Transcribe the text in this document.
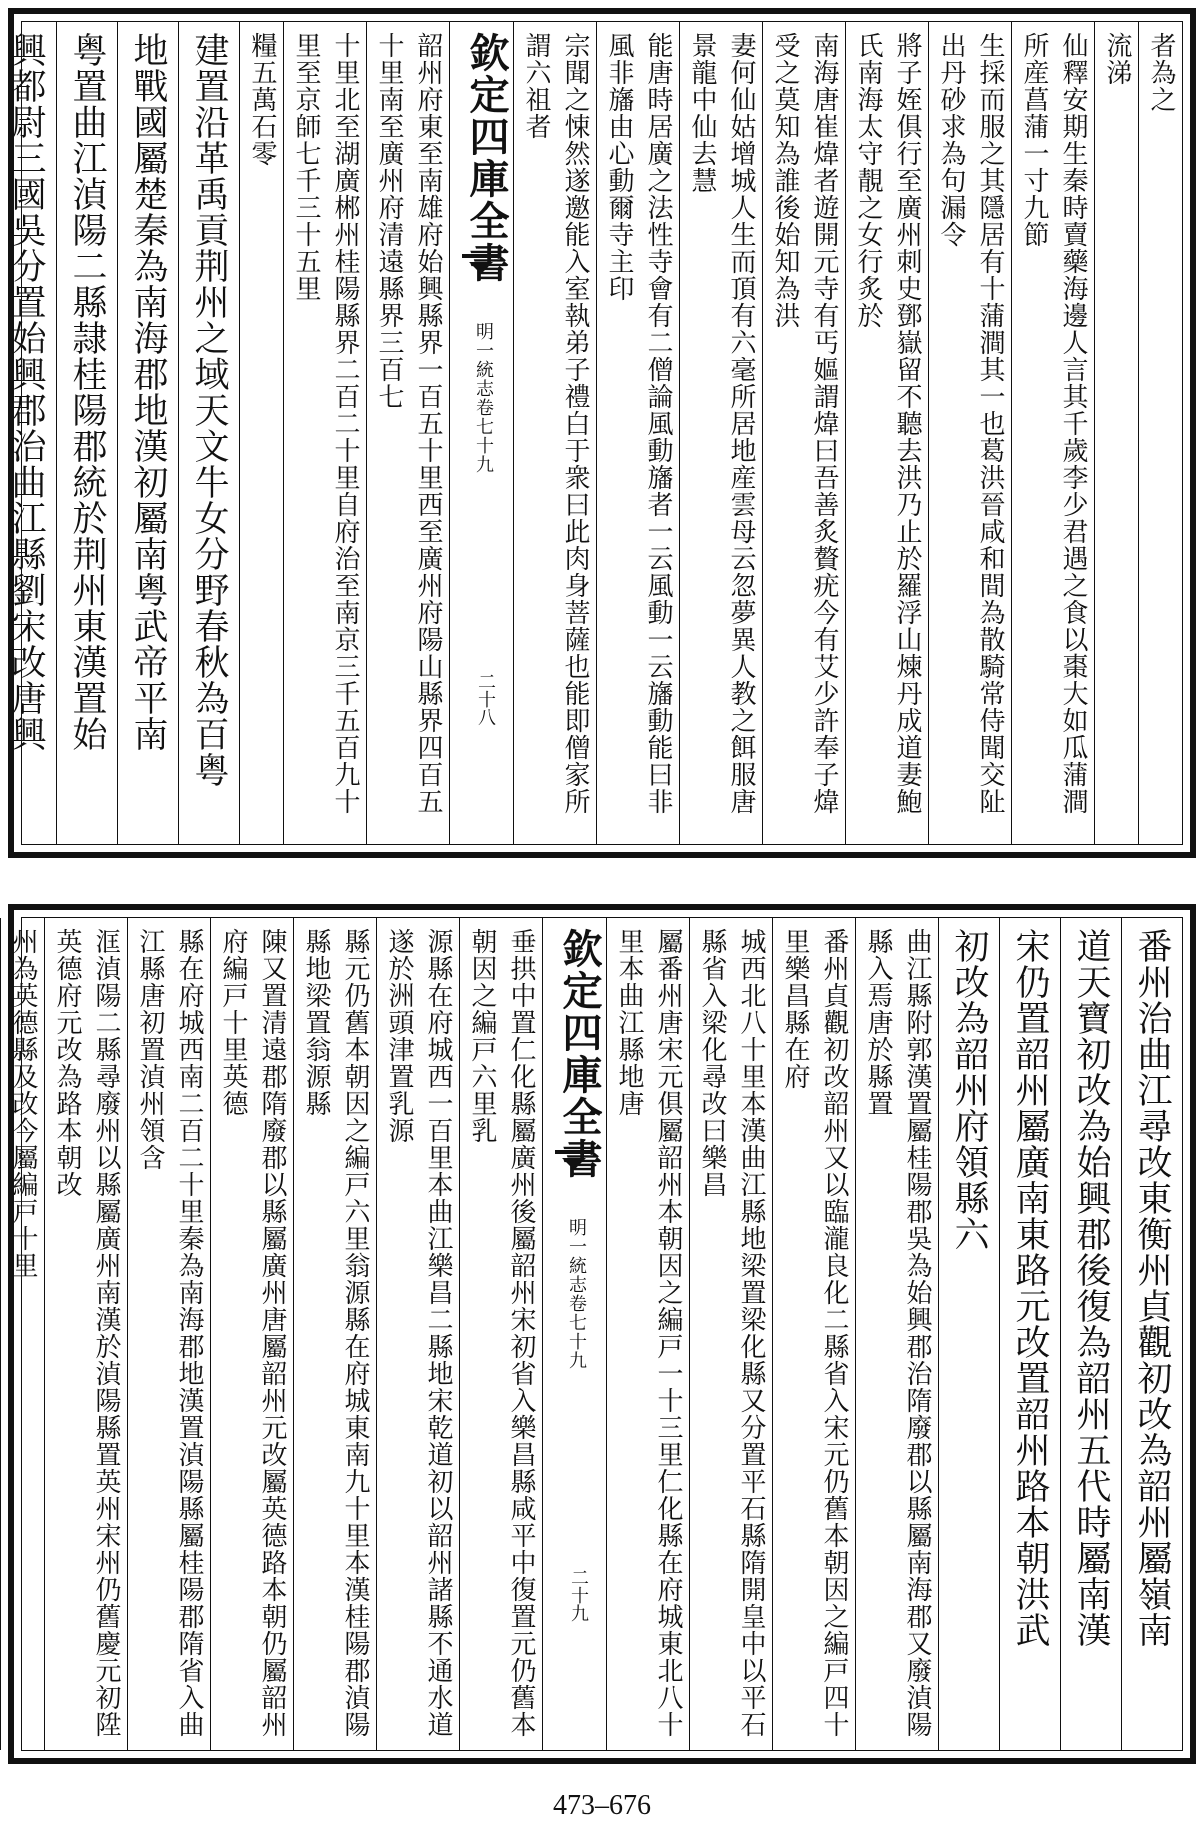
者為之
流涕
仙釋安期生秦時賣藥海邊人言其千歲李少君遇之食以棗大如瓜蒲澗所産菖蒲一寸九節
生採而服之其隱居有十蒲澗其一也葛洪晉咸和間為散騎常侍聞交阯出丹砂求為句漏令
將子姪俱行至廣州刺史鄧嶽留不聽去洪乃止於羅浮山煉丹成道妻鮑氏南海太守靚之女行炙於
南海唐崔煒者遊開元寺有丐嫗謂煒曰吾善炙贅疣今有艾少許奉子煒受之莫知為誰後始知為洪
妻何仙姑增城人生而頂有六毫所居地産雲母云忽夢異人教之餌服唐景龍中仙去慧
能唐時居廣之法性寺會有二僧論風動旛者一云風動一云旛動能曰非風非旛由心動爾寺主印
宗聞之悚然遂邀能入室執弟子禮白于衆曰此肉身菩薩也能即僧家所謂六祖者
欽定四庫全書
明一統志卷七十九
二十八
韶州府東至南雄府始興縣界一百五十里西至廣州府陽山縣界四百五十里南至廣州府清遠縣界三百七
十里北至湖廣郴州桂陽縣界二百二十里自府治至南京三千五百九十里至京師七千三十五里
糧五萬石零
建置沿革禹貢荆州之域天文牛女分野春秋為百粤
地戰國屬楚秦為南海郡地漢初屬南粤武帝平南
粤置曲江湞陽二縣隷桂陽郡統於荆州東漢置始
興都尉三國吳分置始興郡治曲江縣劉宋改唐興
番州治曲江尋改東衡州貞觀初改為韶州屬嶺南
道天寶初改為始興郡後復為韶州五代時屬南漢
宋仍置韶州屬廣南東路元改置韶州路本朝洪武
初改為韶州府領縣六
曲江縣附郭漢置屬桂陽郡吳為始興郡治隋廢郡以縣屬南海郡又廢湞陽縣入焉唐於縣置
番州貞觀初改韶州又以臨瀧良化二縣省入宋元仍舊本朝因之編戸四十里樂昌縣在府
城西北八十里本漢曲江縣地梁置梁化縣又分置平石縣隋開皇中以平石縣省入梁化尋改曰樂昌
屬番州唐宋元俱屬韶州本朝因之編戸一十三里仁化縣在府城東北八十里本曲江縣地唐
欽定四庫全書
明一統志卷七十九
二十九
垂拱中置仁化縣屬廣州後屬韶州宋初省入樂昌縣咸平中復置元仍舊本朝因之編戸六里乳
源縣在府城西一百里本曲江樂昌二縣地宋乾道初以韶州諸縣不通水道遂於洲頭津置乳源
縣元仍舊本朝因之編戸六里翁源縣在府城東南九十里本漢桂陽郡湞陽縣地梁置翁源縣
陳又置清遠郡隋廢郡以縣屬廣州唐屬韶州元改屬英德路本朝仍屬韶州府編戸十里英德
縣在府城西南二百二十里秦為南海郡地漢置湞陽縣屬桂陽郡隋省入曲江縣唐初置湞州領含
洭湞陽二縣尋廢州以縣屬廣州南漢於湞陽縣置英州宋州仍舊慶元初陞英德府元改為路本朝改
州為英德縣及改今屬編戸十里
473–676
